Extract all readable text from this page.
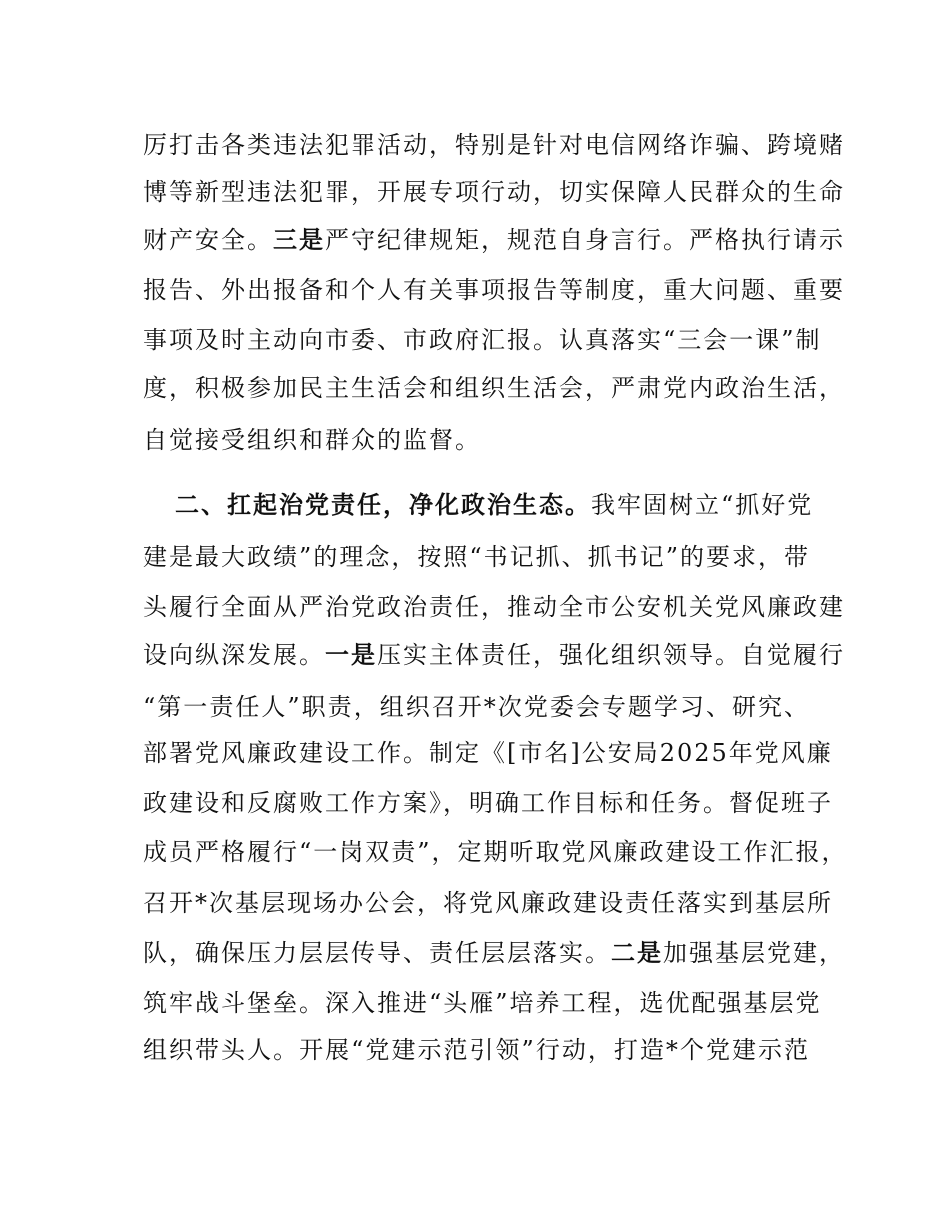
厉打击各类违法犯罪活动，特别是针对电信网络诈骗、跨境赌
博等新型违法犯罪，开展专项行动，切实保障人民群众的生命
财产安全。三是严守纪律规矩，规范自身言行。严格执行请示
报告、外出报备和个人有关事项报告等制度，重大问题、重要
事项及时主动向市委、市政府汇报。认真落实“三会一课”制
度，积极参加民主生活会和组织生活会，严肃党内政治生活，
自觉接受组织和群众的监督。
二、扛起治党责任，净化政治生态。我牢固树立“抓好党
建是最大政绩”的理念，按照“书记抓、抓书记”的要求，带
头履行全面从严治党政治责任，推动全市公安机关党风廉政建
设向纵深发展。一是压实主体责任，强化组织领导。自觉履行
“第一责任人”职责，组织召开*次党委会专题学习、研究、
部署党风廉政建设工作。制定《[市名]公安局2025年党风廉
政建设和反腐败工作方案》，明确工作目标和任务。督促班子
成员严格履行“一岗双责”，定期听取党风廉政建设工作汇报，
召开*次基层现场办公会，将党风廉政建设责任落实到基层所
队，确保压力层层传导、责任层层落实。二是加强基层党建，
筑牢战斗堡垒。深入推进“头雁”培养工程，选优配强基层党
组织带头人。开展“党建示范引领”行动，打造*个党建示范
